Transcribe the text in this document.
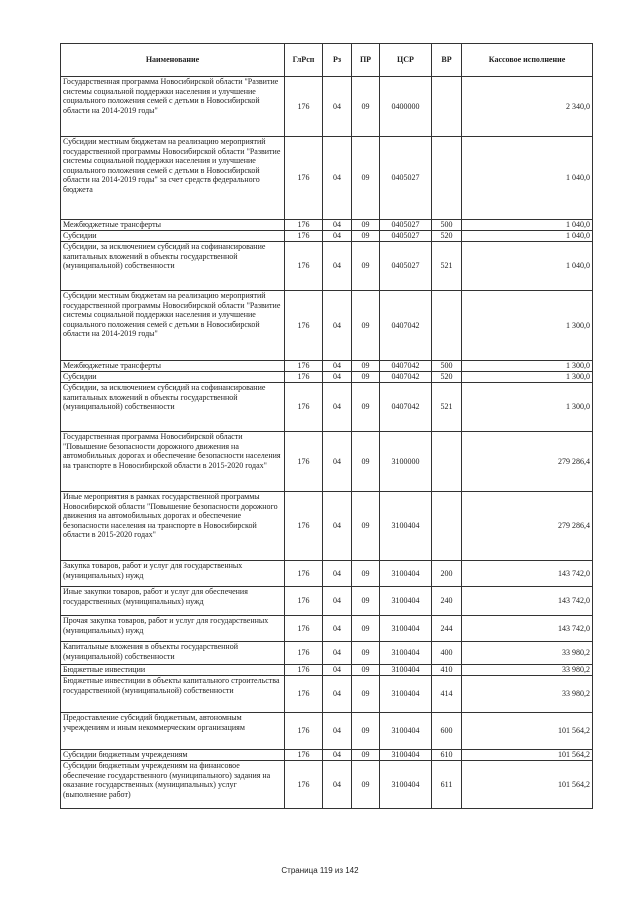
Наименование	ГлРсп	Рз	ПР	ЦСР	ВР	Кассовое исполнение
Государственная программа Новосибирской области "Развитие системы социальной поддержки населения и улучшение социального положения семей с детьми в Новосибирской области на 2014-2019 годы"	176	04	09	0400000		2 340,0
Субсидии местным бюджетам на реализацию мероприятий государственной программы Новосибирской области "Развитие системы социальной поддержки населения и улучшение социального положения семей с детьми в Новосибирской области на 2014-2019 годы" за счет средств федерального бюджета	176	04	09	0405027		1 040,0
Межбюджетные трансферты	176	04	09	0405027	500	1 040,0
Субсидии	176	04	09	0405027	520	1 040,0
Субсидии, за исключением субсидий на софинансирование капитальных вложений в объекты государственной (муниципальной) собственности	176	04	09	0405027	521	1 040,0
Субсидии местным бюджетам на реализацию мероприятий государственной программы Новосибирской области "Развитие системы социальной поддержки населения и улучшение социального положения семей с детьми в Новосибирской области на 2014-2019 годы"	176	04	09	0407042		1 300,0
Межбюджетные трансферты	176	04	09	0407042	500	1 300,0
Субсидии	176	04	09	0407042	520	1 300,0
Субсидии, за исключением субсидий на софинансирование капитальных вложений в объекты государственной (муниципальной) собственности	176	04	09	0407042	521	1 300,0
Государственная программа Новосибирской области "Повышение безопасности дорожного движения на автомобильных дорогах и обеспечение безопасности населения на транспорте в Новосибирской области в 2015-2020 годах"	176	04	09	3100000		279 286,4
Иные мероприятия в рамках государственной программы Новосибирской области "Повышение безопасности дорожного движения на автомобильных дорогах и обеспечение безопасности населения на транспорте в Новосибирской области в 2015-2020 годах"	176	04	09	3100404		279 286,4
Закупка товаров, работ и услуг для государственных (муниципальных) нужд	176	04	09	3100404	200	143 742,0
Иные закупки товаров, работ и услуг для обеспечения государственных (муниципальных) нужд	176	04	09	3100404	240	143 742,0
Прочая закупка товаров, работ и услуг для государственных (муниципальных) нужд	176	04	09	3100404	244	143 742,0
Капитальные вложения в объекты государственной (муниципальной) собственности	176	04	09	3100404	400	33 980,2
Бюджетные инвестиции	176	04	09	3100404	410	33 980,2
Бюджетные инвестиции в объекты капитального строительства государственной (муниципальной) собственности	176	04	09	3100404	414	33 980,2
Предоставление субсидий бюджетным, автономным учреждениям и иным некоммерческим организациям	176	04	09	3100404	600	101 564,2
Субсидии бюджетным учреждениям	176	04	09	3100404	610	101 564,2
Субсидии бюджетным учреждениям на финансовое обеспечение государственного (муниципального) задания на оказание государственных (муниципальных) услуг (выполнение работ)	176	04	09	3100404	611	101 564,2
Страница 119 из 142
